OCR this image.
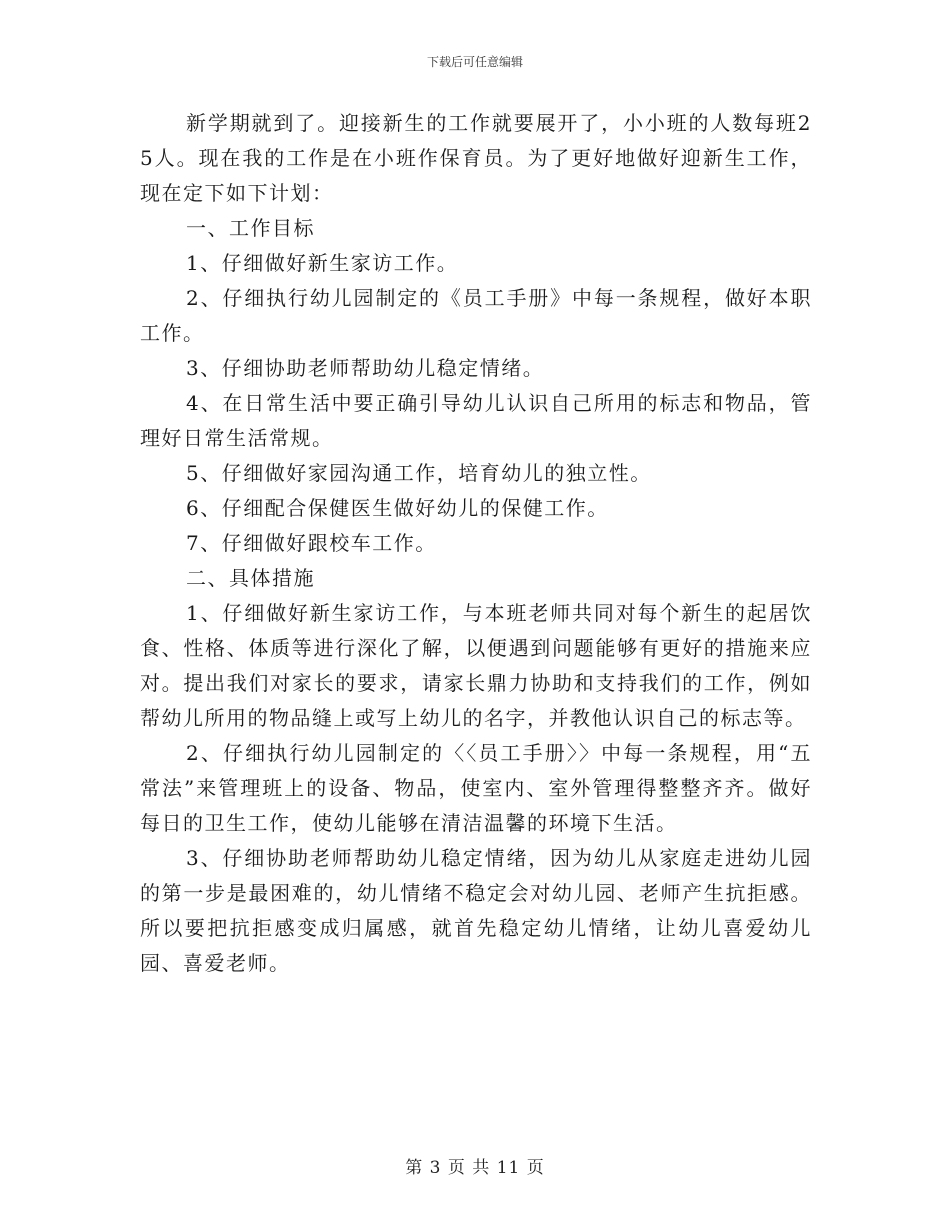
下载后可任意编辑

新学期就到了。迎接新生的工作就要展开了，小小班的人数每班25人。现在我的工作是在小班作保育员。为了更好地做好迎新生工作，现在定下如下计划：

一、工作目标

1、仔细做好新生家访工作。

2、仔细执行幼儿园制定的《员工手册》中每一条规程，做好本职工作。

3、仔细协助老师帮助幼儿稳定情绪。

4、在日常生活中要正确引导幼儿认识自己所用的标志和物品，管理好日常生活常规。

5、仔细做好家园沟通工作，培育幼儿的独立性。

6、仔细配合保健医生做好幼儿的保健工作。

7、仔细做好跟校车工作。

二、具体措施

1、仔细做好新生家访工作，与本班老师共同对每个新生的起居饮食、性格、体质等进行深化了解，以便遇到问题能够有更好的措施来应对。提出我们对家长的要求，请家长鼎力协助和支持我们的工作，例如帮幼儿所用的物品缝上或写上幼儿的名字，并教他认识自己的标志等。

2、仔细执行幼儿园制定的〈〈员工手册〉〉中每一条规程，用“五常法”来管理班上的设备、物品，使室内、室外管理得整整齐齐。做好每日的卫生工作，使幼儿能够在清洁温馨的环境下生活。

3、仔细协助老师帮助幼儿稳定情绪，因为幼儿从家庭走进幼儿园的第一步是最困难的，幼儿情绪不稳定会对幼儿园、老师产生抗拒感。所以要把抗拒感变成归属感，就首先稳定幼儿情绪，让幼儿喜爱幼儿园、喜爱老师。

第 3 页 共 11 页
